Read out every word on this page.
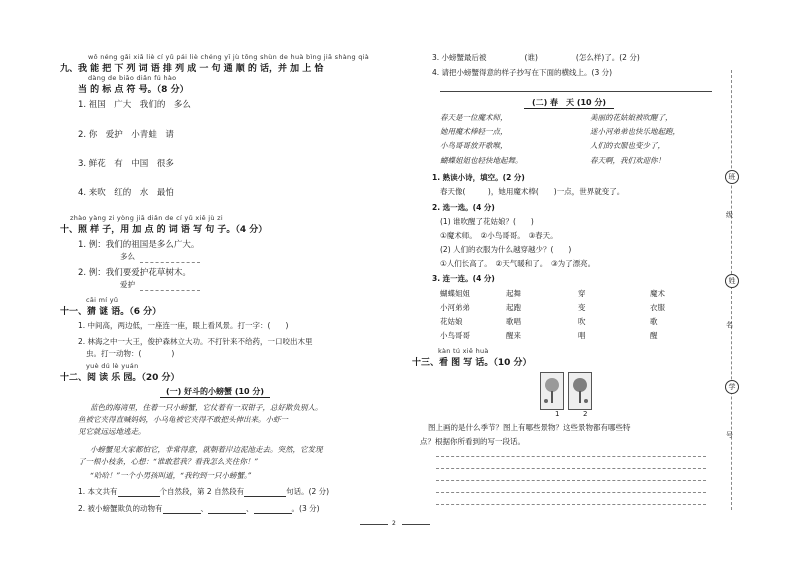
wǒ néng gǎi xiǎ liè cí yǔ pái liè chéng yī jù tōng shùn de huà bìng jiā shàng qià
九、我 能 把 下 列 词 语 排 列 成 一 句 通 顺 的 话，并 加 上 恰
dàng de biāo diǎn fú hào
当 的 标 点 符 号。（8 分）
1. 祖国　广大　我们的　多么
2. 你　爱护　小青蛙　请
3. 鲜花　有　中国　很多
4. 来吹　红的　水　最怕
zhào yàng zi yòng jiā diǎn de cí yǔ xiě jù zi
十、照 样 子，用 加 点 的 词 语 写 句 子。（4 分）
1. 例：我们的祖国是多么广大。
多么
2. 例：我们要爱护花草树木。
爱护
cāi mí yǔ
十一、猜 谜 语。（6 分）
1. 中间高，两边低，一座连一座，眼上看风景。打一字：(　　)
2. 林海之中一大王，俊护森林立大功。不打针来不给药，一口咬出木里
虫。打一动物：(　　　　)
yuè dú lè yuán
十二、阅 读 乐 园。（20 分）
(一) 好斗的小螃蟹 (10 分)
蓝色的海湾里，住着一只小螃蟹，它仗着有一双钳子，总好欺负别人。
鱼被它夹得直喊妈妈，小乌龟被它夹得不敢把头伸出来。小虾一
见它就远远地逃走。
小螃蟹见大家都怕它，非常得意，就朝着岸边泥池走去。突然，它发现
了一根小枝条，心想：“谁敢惹我？看我怎么夹住你！”
“哈哈！”一个小男孩叫道，“我钓到一只小螃蟹。”
1. 本文共有	个自然段，第 2 自然段有	句话。(2 分)
2. 被小螃蟹欺负的动物有	、	、	。(3 分)
2
3. 小螃蟹最后被	(谁)	(怎么样)了。(2 分)
4. 请把小螃蟹得意的样子抄写在下面的横线上。(3 分)
(二) 春　天 (10 分)
春天是一位魔术师，
她用魔术棒轻一点，
小鸟哥哥放开歌喉，
蝴蝶姐姐也轻快地起舞。
美丽的花姑娘被吹醒了，
迷小河弟弟也快乐地起跑，
人们的衣服也变少了，
春天啊，我们欢迎你！
1. 熟读小诗，填空。(2 分)
春天像(　　　)，她用魔术棒(　　)一点，世界就变了。
2. 选一选。(4 分)
(1) 谁吹醒了花姑娘？(　　)
①魔术师。　②小鸟哥哥。　③春天。
(2) 人们的衣服为什么越穿越少？(　　)
①人们长高了。　②天气暖和了。　③为了漂亮。
3. 连一连。(4 分)
蝴蝶姐姐	起舞	穿	魔术
小河弟弟	起跑	变	衣服
花姑娘	歌唱	吹	歌
小鸟哥哥	醒来	唱	醒
kàn tú xiě huà
十三、看 图 写 话。（10 分）
1	2
图上画的是什么季节？图上有哪些景物？这些景物都有哪些特
点？根据你所看到的写一段话。
班
姓
学
级
名
号
